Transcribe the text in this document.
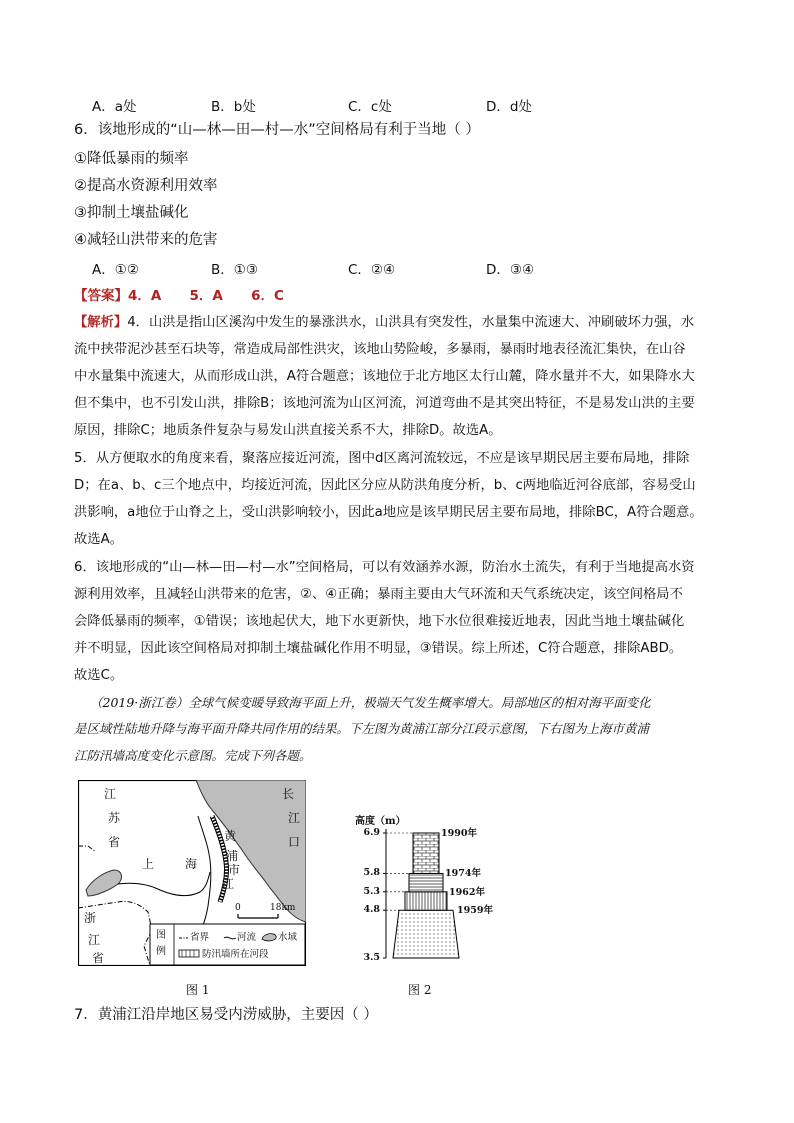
A．a处	B．b处	C．c处	D．d处
6．该地形成的“山—林—田—村—水”空间格局有利于当地（ ）
①降低暴雨的频率
②提高水资源利用效率
③抑制土壤盐碱化
④减轻山洪带来的危害
A．①②	B．①③	C．②④	D．③④
【答案】4．A      5．A      6．C
【解析】4．山洪是指山区溪沟中发生的暴涨洪水，山洪具有突发性，水量集中流速大、冲刷破坏力强，水
流中挟带泥沙甚至石块等，常造成局部性洪灾，该地山势险峻，多暴雨，暴雨时地表径流汇集快，在山谷
中水量集中流速大，从而形成山洪，A符合题意；该地位于北方地区太行山麓，降水量并不大，如果降水大
但不集中，也不引发山洪，排除B；该地河流为山区河流，河道弯曲不是其突出特征，不是易发山洪的主要
原因，排除C；地质条件复杂与易发山洪直接关系不大，排除D。故选A。
5．从方便取水的角度来看，聚落应接近河流，图中d区离河流较远，不应是该早期民居主要布局地，排除
D；在a、b、c三个地点中，均接近河流，因此区分应从防洪角度分析，b、c两地临近河谷底部，容易受山
洪影响，a地位于山脊之上，受山洪影响较小，因此a地应是该早期民居主要布局地，排除BC，A符合题意。
故选A。
6．该地形成的“山—林—田—村—水”空间格局，可以有效涵养水源，防治水土流失，有利于当地提高水资
源利用效率，且减轻山洪带来的危害，②、④正确；暴雨主要由大气环流和天气系统决定，该空间格局不
会降低暴雨的频率，①错误；该地起伏大，地下水更新快，地下水位很难接近地表，因此当地土壤盐碱化
并不明显，因此该空间格局对抑制土壤盐碱化作用不明显，③错误。综上所述，C符合题意，排除ABD。
故选C。
（2019·浙江卷）全球气候变暖导致海平面上升，极端天气发生概率增大。局部地区的相对海平面变化
是区域性陆地升降与海平面升降共同作用的结果。下左图为黄浦江部分江段示意图，下右图为上海市黄浦
江防汛墙高度变化示意图。完成下列各题。
江
苏
省
上	海	市
黄
浦
江
长
江
口
浙
江
省
0	18km
图
例
省界	河流 水域
防汛墙所在河段
图 1
高度（m）
6.9
5.8
5.3
4.8
3.5
1959年
1962年
1974年
1990年
图 2
7．黄浦江沿岸地区易受内涝威胁，主要因（ ）
